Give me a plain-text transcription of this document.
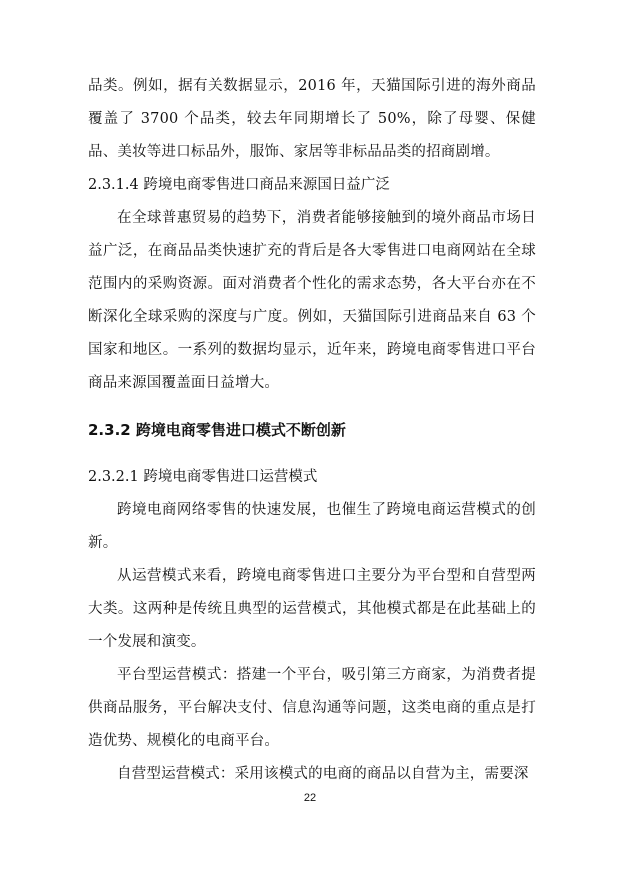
品类。例如，据有关数据显示，2016 年，天猫国际引进的海外商品覆盖了 3700 个品类，较去年同期增长了 50%，除了母婴、保健品、美妆等进口标品外，服饰、家居等非标品品类的招商剧增。

2.3.1.4 跨境电商零售进口商品来源国日益广泛

在全球普惠贸易的趋势下，消费者能够接触到的境外商品市场日益广泛，在商品品类快速扩充的背后是各大零售进口电商网站在全球范围内的采购资源。面对消费者个性化的需求态势，各大平台亦在不断深化全球采购的深度与广度。例如，天猫国际引进商品来自 63 个国家和地区。一系列的数据均显示，近年来，跨境电商零售进口平台商品来源国覆盖面日益增大。

2.3.2 跨境电商零售进口模式不断创新
2.3.2.1 跨境电商零售进口运营模式

跨境电商网络零售的快速发展，也催生了跨境电商运营模式的创新。

从运营模式来看，跨境电商零售进口主要分为平台型和自营型两大类。这两种是传统且典型的运营模式，其他模式都是在此基础上的一个发展和演变。

平台型运营模式：搭建一个平台，吸引第三方商家，为消费者提供商品服务，平台解决支付、信息沟通等问题，这类电商的重点是打造优势、规模化的电商平台。

自营型运营模式：采用该模式的电商的商品以自营为主，需要深

22
